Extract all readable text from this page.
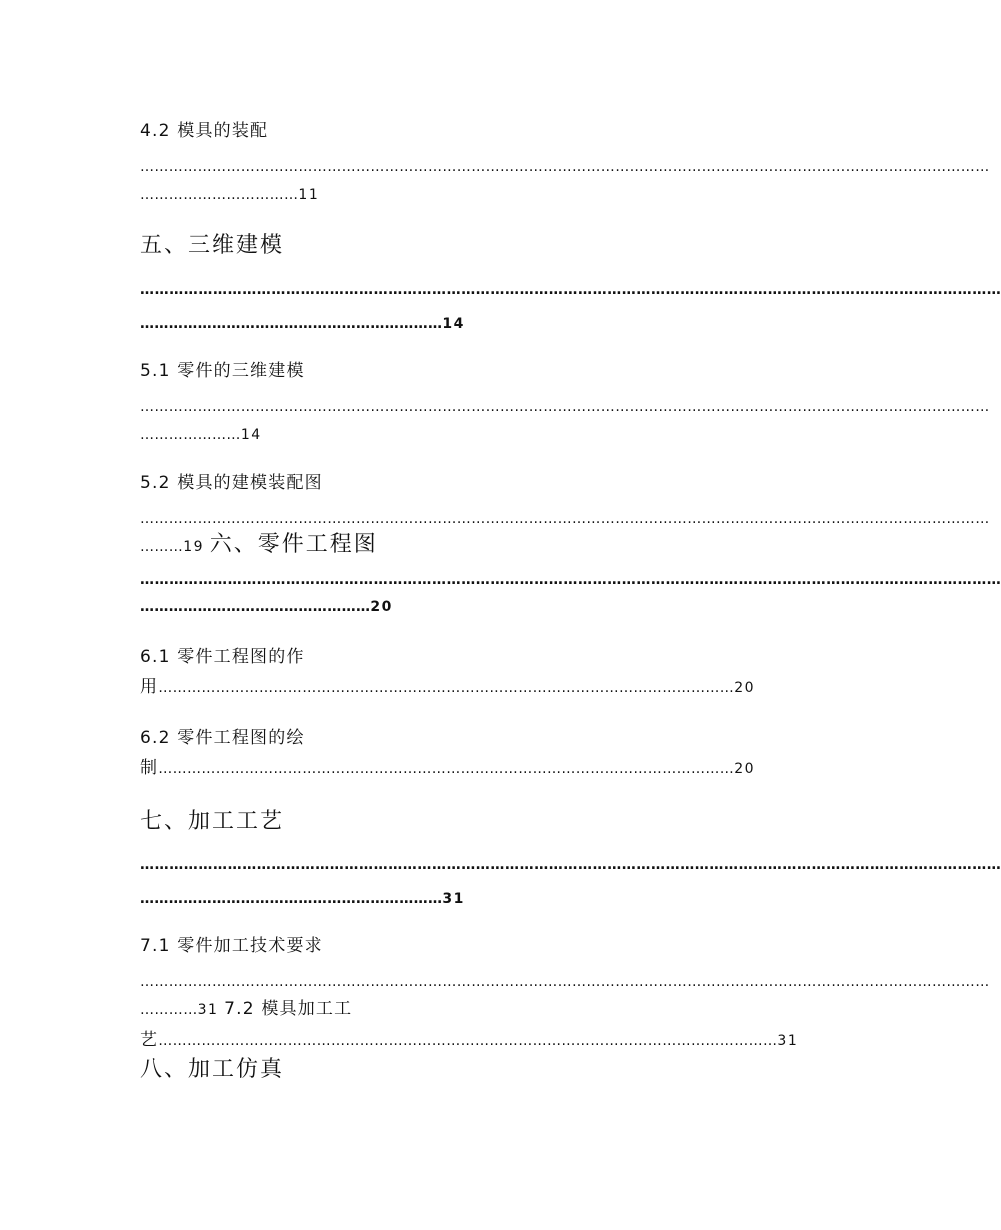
4.2 模具的装配
……………………………………………………………………………………………………………………………………………………………
……………………………11
五、三维建模
……………………………………………………………………………………………………………………………………………………………
………………………………………………………14
5.1 零件的三维建模
……………………………………………………………………………………………………………………………………………………………
…………………14
5.2 模具的建模装配图
……………………………………………………………………………………………………………………………………………………………
………19 六、零件工程图
……………………………………………………………………………………………………………………………………………………………
…………………………………………20
6.1 零件工程图的作
用…………………………………………………………………………………………………………20
6.2 零件工程图的绘
制…………………………………………………………………………………………………………20
七、加工工艺
……………………………………………………………………………………………………………………………………………………………
………………………………………………………31
7.1 零件加工技术要求
……………………………………………………………………………………………………………………………………………………………
…………31 7.2 模具加工工
艺…………………………………………………………………………………………………………………31
八、加工仿真
